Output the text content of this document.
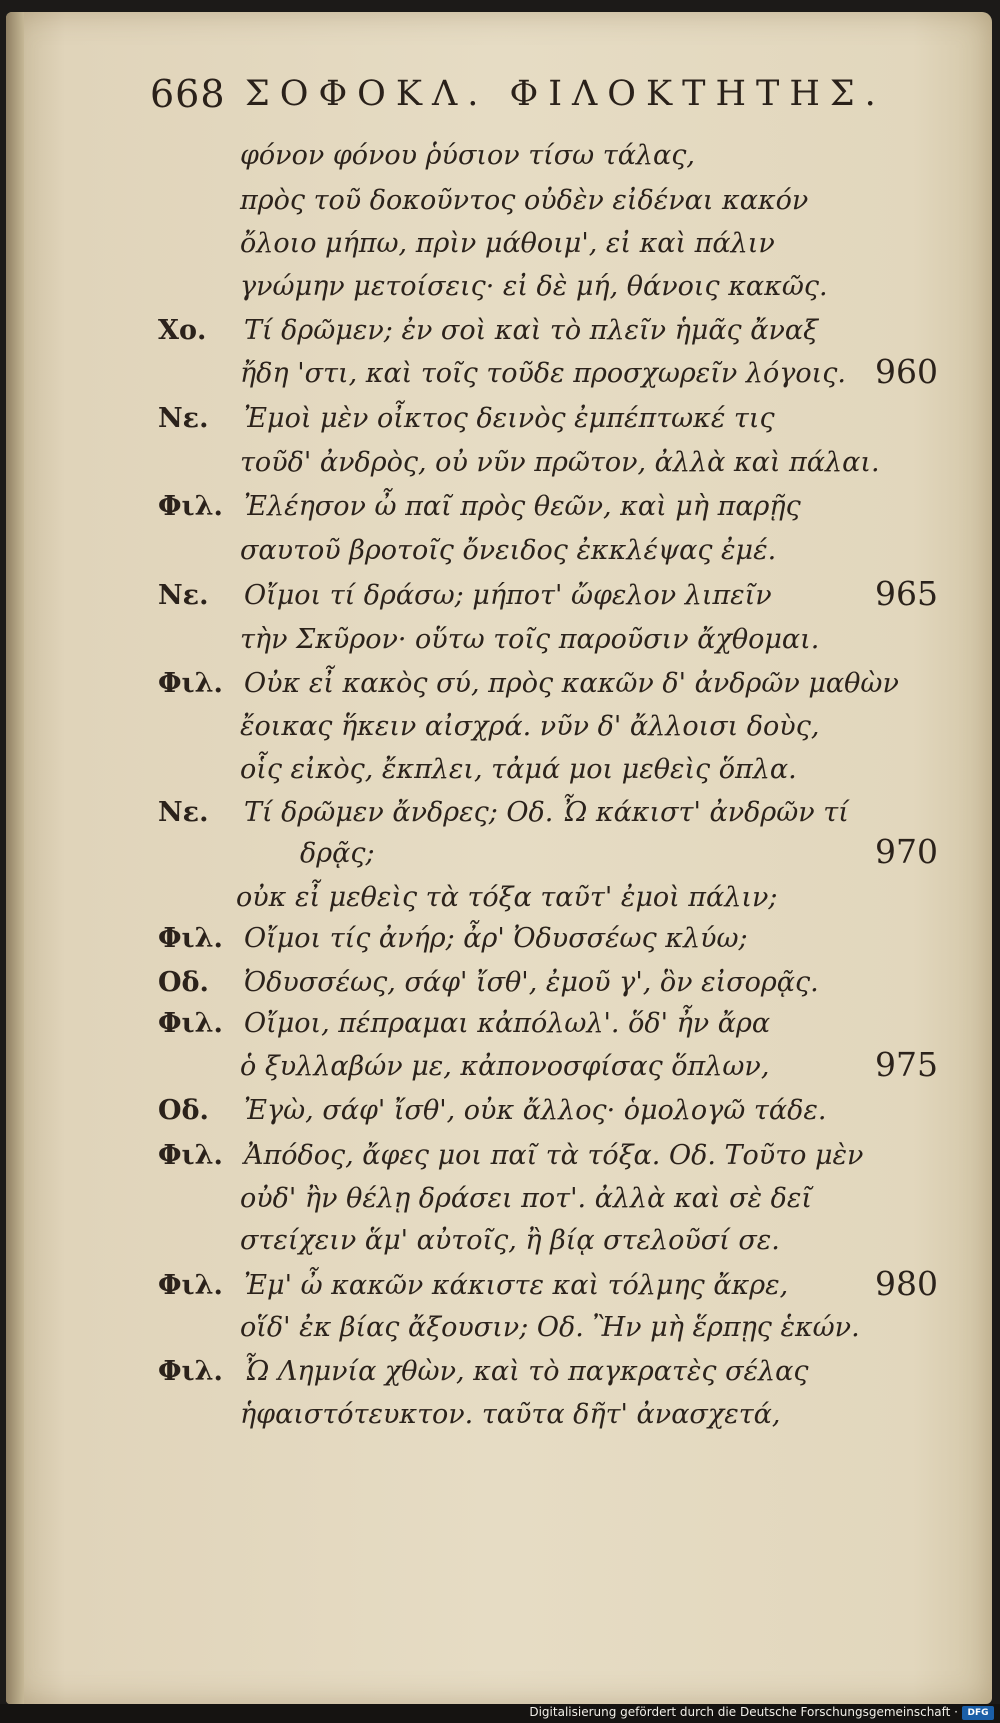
668 ΣΟΦΟΚΛ. ΦΙΛΟΚΤΗΤΗΣ.
φόνον φόνου ῥύσιον τίσω τάλας,
πρὸς τοῦ δοκοῦντος οὐδὲν εἰδέναι κακόν
ὄλοιο μήπω, πρὶν μάθοιμ', εἰ καὶ πάλιν
γνώμην μετοίσεις· εἰ δὲ μή, θάνοις κακῶς.
Χο. Τί δρῶμεν; ἐν σοὶ καὶ τὸ πλεῖν ἡμᾶς ἄναξ
ἤδη 'στι, καὶ τοῖς τοῦδε προσχωρεῖν λόγοις. 960
Νε. Ἐμοὶ μὲν οἶκτος δεινὸς ἐμπέπτωκέ τις
τοῦδ' ἀνδρὸς, οὐ νῦν πρῶτον, ἀλλὰ καὶ πάλαι.
Φιλ. Ἐλέησον ὦ παῖ πρὸς θεῶν, καὶ μὴ παρῇς
σαυτοῦ βροτοῖς ὄνειδος ἐκκλέψας ἐμέ.
Νε. Οἴμοι τί δράσω; μήποτ' ὤφελον λιπεῖν	965
τὴν Σκῦρον· οὕτω τοῖς παροῦσιν ἄχθομαι.
Φιλ. Οὐκ εἶ κακὸς σύ, πρὸς κακῶν δ' ἀνδρῶν μαθὼν
ἔοικας ἥκειν αἰσχρά. νῦν δ' ἄλλοισι δοὺς,
οἷς εἰκὸς, ἔκπλει, τἀμά μοι μεθεὶς ὅπλα.
Νε. Τί δρῶμεν ἄνδρες; Οδ. Ὦ κάκιστ' ἀνδρῶν τί
δρᾷς;	970
οὐκ εἶ μεθεὶς τὰ τόξα ταῦτ' ἐμοὶ πάλιν;
Φιλ. Οἴμοι τίς ἀνήρ; ἆρ' Ὀδυσσέως κλύω;
Οδ. Ὀδυσσέως, σάφ' ἴσθ', ἐμοῦ γ', ὃν εἰσορᾷς.
Φιλ. Οἴμοι, πέπραμαι κἀπόλωλ'. ὅδ' ἦν ἄρα
ὁ ξυλλαβών με, κἀπονοσφίσας ὅπλων,	975
Οδ. Ἐγὼ, σάφ' ἴσθ', οὐκ ἄλλος· ὁμολογῶ τάδε.
Φιλ. Ἀπόδος, ἄφες μοι παῖ τὰ τόξα. Οδ. Τοῦτο μὲν
οὐδ' ἢν θέλῃ δράσει ποτ'. ἀλλὰ καὶ σὲ δεῖ
στείχειν ἅμ' αὐτοῖς, ἢ βίᾳ στελοῦσί σε.
Φιλ. Ἐμ' ὦ κακῶν κάκιστε καὶ τόλμης ἄκρε,	980
οἵδ' ἐκ βίας ἄξουσιν; Οδ. Ἢν μὴ ἕρπῃς ἑκών.
Φιλ. Ὦ Λημνία χθὼν, καὶ τὸ παγκρατὲς σέλας
ἡφαιστότευκτον. ταῦτα δῆτ' ἀνασχετά,
Digitalisierung gefördert durch die Deutsche Forschungsgemeinschaft ·	DFG
